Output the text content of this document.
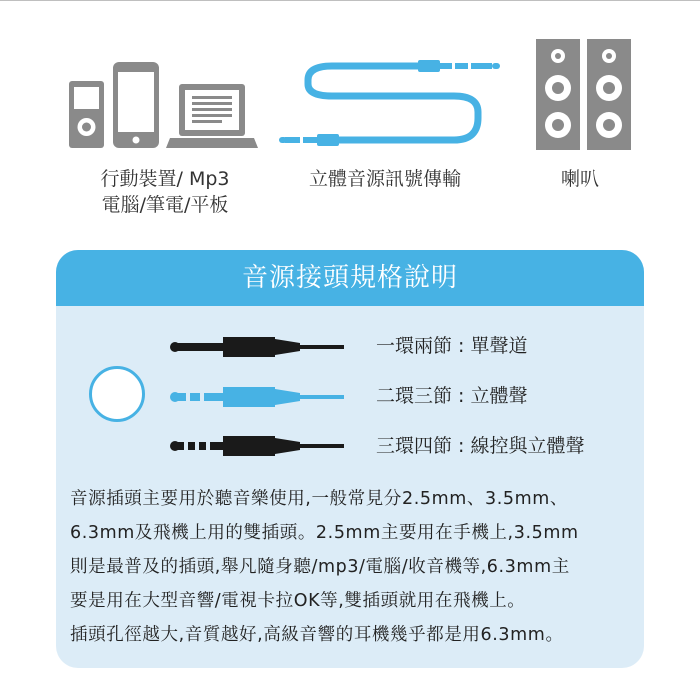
行動裝置/ Mp3
電腦/筆電/平板
立體音源訊號傳輸	喇叭
音源接頭規格說明
一環兩節 : 單聲道
二環三節 : 立體聲
三環四節 : 線控與立體聲
音源插頭主要用於聽音樂使用,一般常見分2.5mm、3.5mm、
6.3mm及飛機上用的雙插頭。2.5mm主要用在手機上,3.5mm
則是最普及的插頭,舉凡隨身聽/mp3/電腦/收音機等,6.3mm主
要是用在大型音響/電視卡拉OK等,雙插頭就用在飛機上。
插頭孔徑越大,音質越好,高級音響的耳機幾乎都是用6.3mm。
